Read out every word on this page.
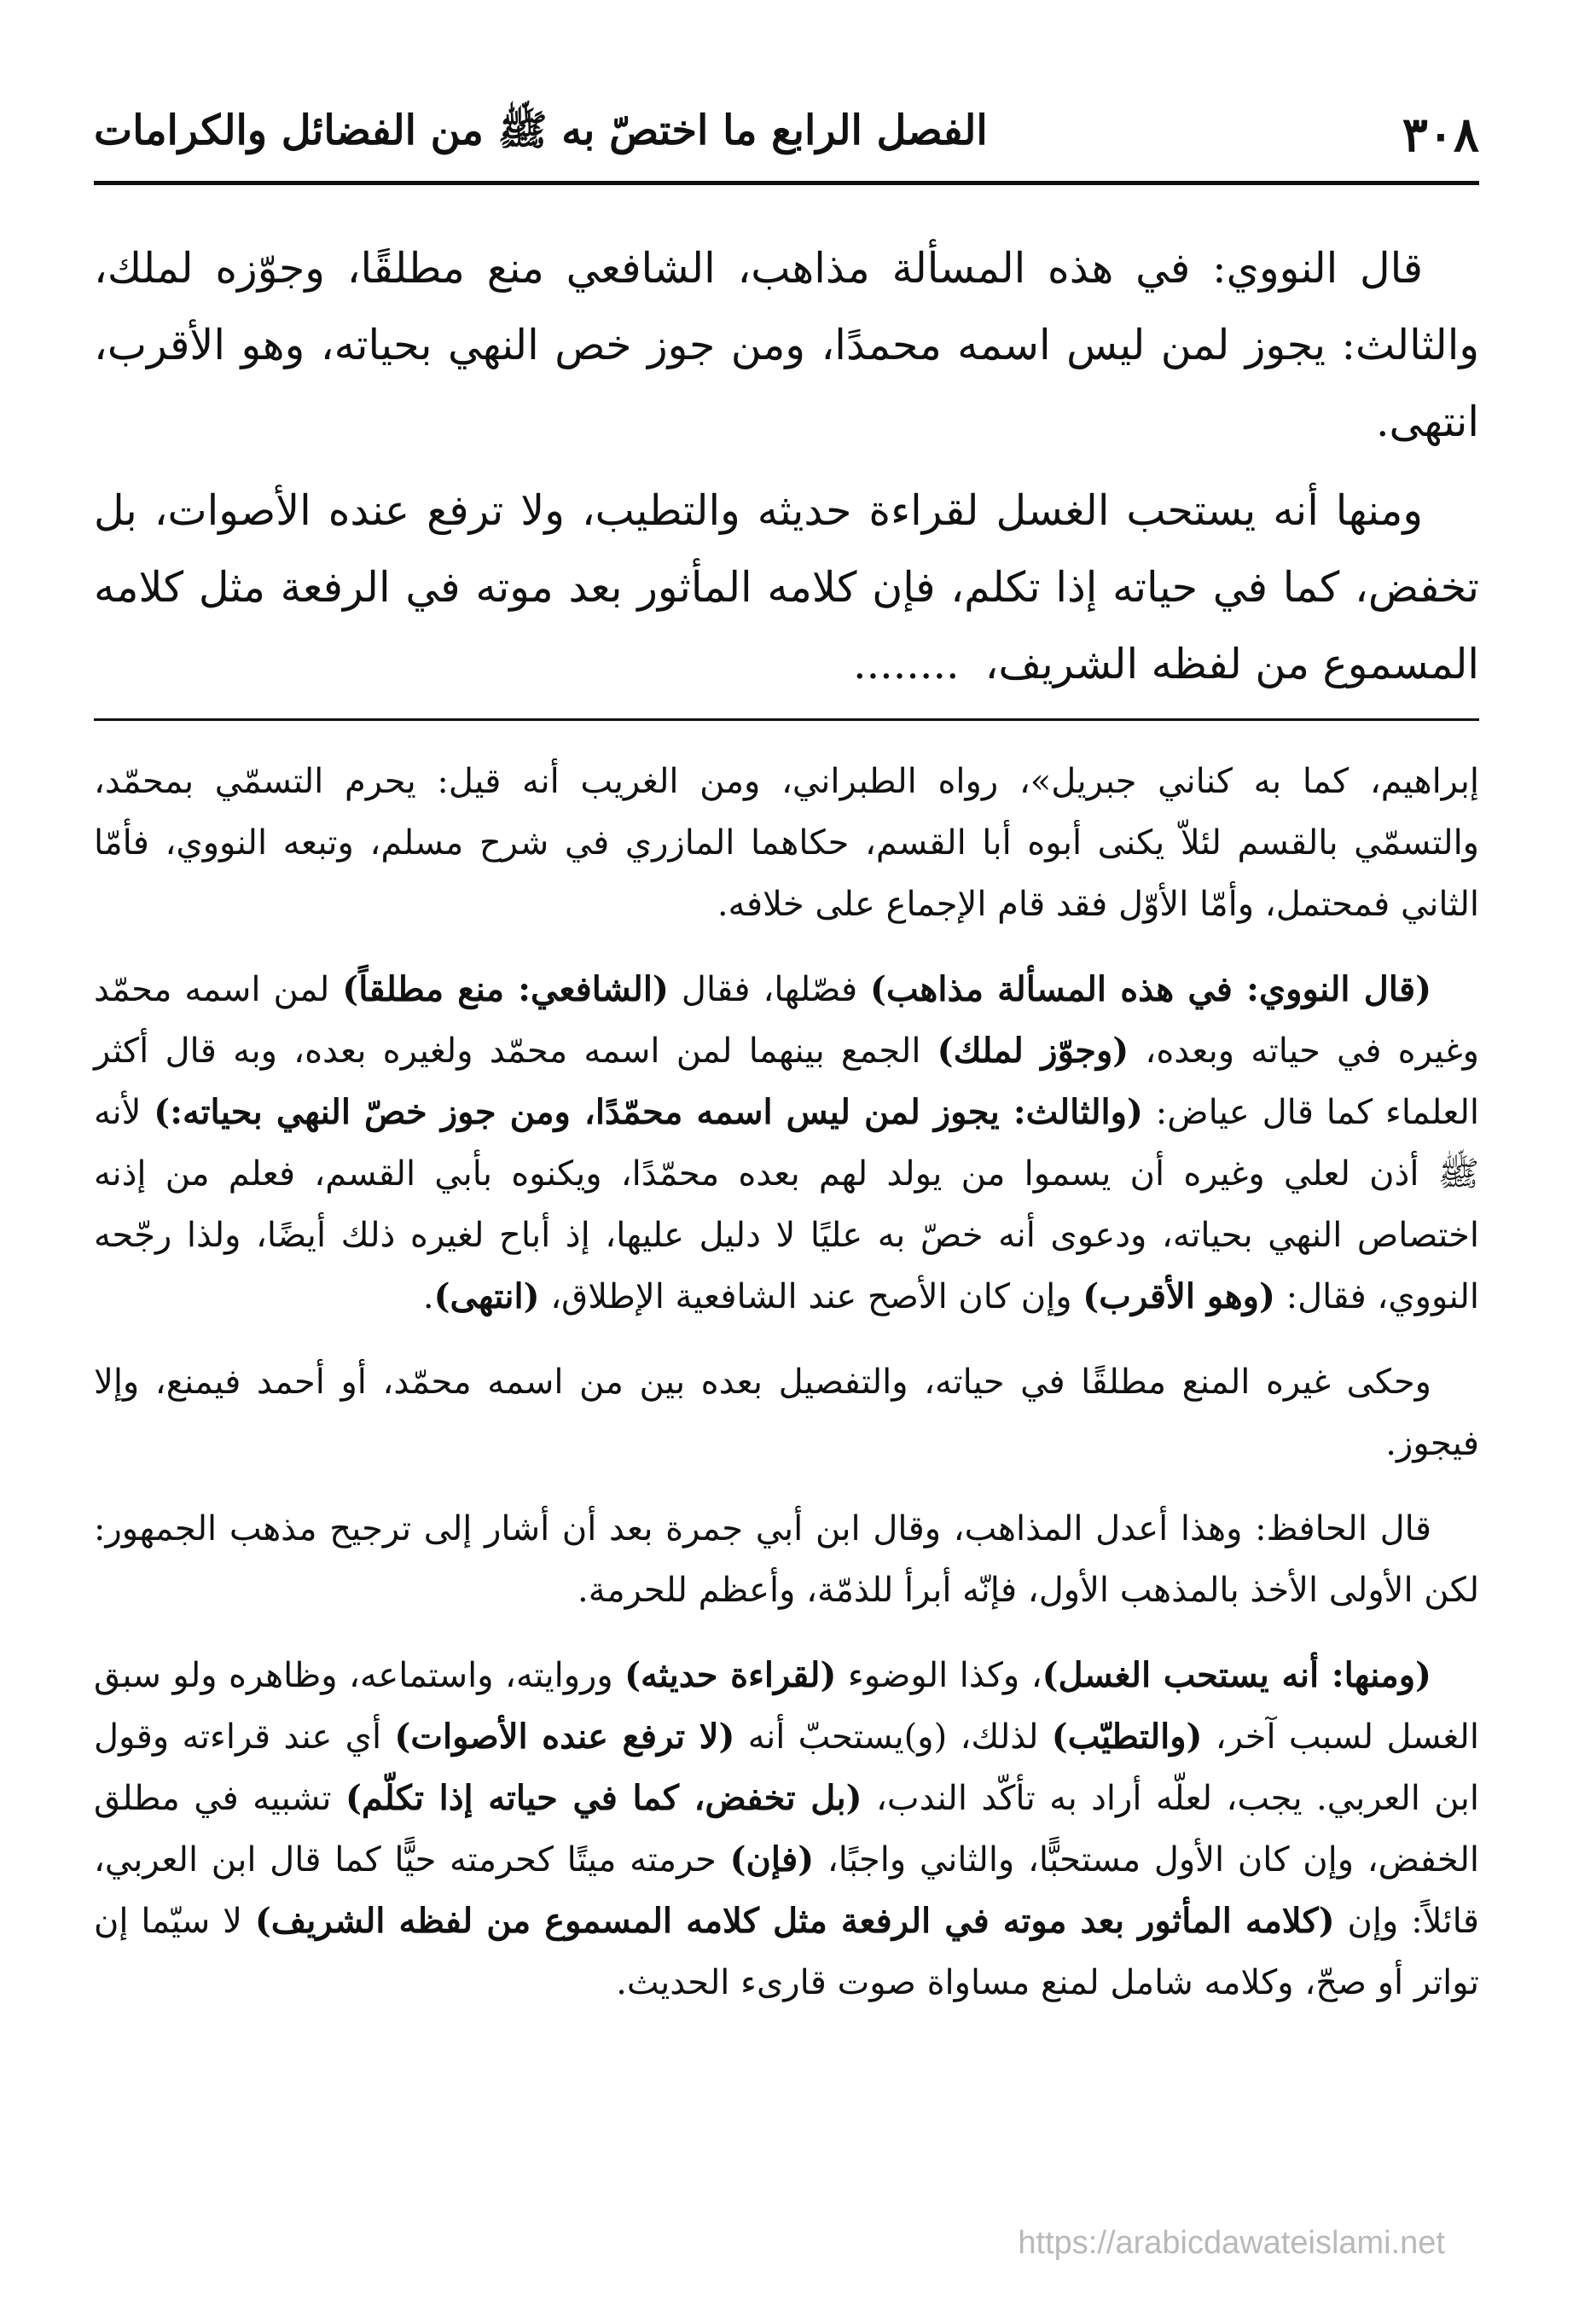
٣٠٨
الفصل الرابع ما اختصّ به ﷺ من الفضائل والكرامات

قال النووي: في هذه المسألة مذاهب، الشافعي منع مطلقًا، وجوّزه لملك، والثالث: يجوز لمن ليس اسمه محمدًا، ومن جوز خص النهي بحياته، وهو الأقرب، انتهى.

ومنها أنه يستحب الغسل لقراءة حديثه والتطيب، ولا ترفع عنده الأصوات، بل تخفض، كما في حياته إذا تكلم، فإن كلامه المأثور بعد موته في الرفعة مثل كلامه المسموع من لفظه الشريف،........

إبراهيم، كما به كناني جبريل»، رواه الطبراني، ومن الغريب أنه قيل: يحرم التسمّي بمحمّد، والتسمّي بالقسم لئلاّ يكنى أبوه أبا القسم، حكاهما المازري في شرح مسلم، وتبعه النووي، فأمّا الثاني فمحتمل، وأمّا الأوّل فقد قام الإجماع على خلافه.

(قال النووي: في هذه المسألة مذاهب) فصّلها، فقال (الشافعي: منع مطلقاً) لمن اسمه محمّد وغيره في حياته وبعده، (وجوّز لملك) الجمع بينهما لمن اسمه محمّد ولغيره بعده، وبه قال أكثر العلماء كما قال عياض: (والثالث: يجوز لمن ليس اسمه محمّدًا، ومن جوز خصّ النهي بحياته:) لأنه ﷺ أذن لعلي وغيره أن يسموا من يولد لهم بعده محمّدًا، ويكنوه بأبي القسم، فعلم من إذنه اختصاص النهي بحياته، ودعوى أنه خصّ به عليًا لا دليل عليها، إذ أباح لغيره ذلك أيضًا، ولذا رجّحه النووي، فقال: (وهو الأقرب) وإن كان الأصح عند الشافعية الإطلاق، (انتهى).

وحكى غيره المنع مطلقًا في حياته، والتفصيل بعده بين من اسمه محمّد، أو أحمد فيمنع، وإلا فيجوز.

قال الحافظ: وهذا أعدل المذاهب، وقال ابن أبي جمرة بعد أن أشار إلى ترجيح مذهب الجمهور: لكن الأولى الأخذ بالمذهب الأول، فإنّه أبرأ للذمّة، وأعظم للحرمة.

(ومنها: أنه يستحب الغسل)، وكذا الوضوء (لقراءة حديثه) وروايته، واستماعه، وظاهره ولو سبق الغسل لسبب آخر، (والتطيّب) لذلك، (و)يستحبّ أنه (لا ترفع عنده الأصوات) أي عند قراءته وقول ابن العربي. يجب، لعلّه أراد به تأكّد الندب، (بل تخفض، كما في حياته إذا تكلّم) تشبيه في مطلق الخفض، وإن كان الأول مستحبًّا، والثاني واجبًا، (فإن) حرمته ميتًا كحرمته حيًّا كما قال ابن العربي، قائلاً: وإن (كلامه المأثور بعد موته في الرفعة مثل كلامه المسموع من لفظه الشريف) لا سيّما إن تواتر أو صحّ، وكلامه شامل لمنع مساواة صوت قارىء الحديث.

https://arabicdawateislami.net
